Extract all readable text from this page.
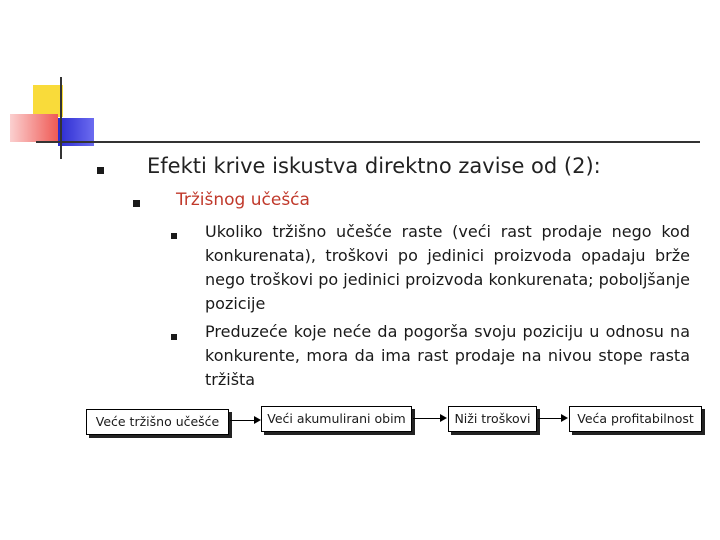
Efekti krive iskustva direktno zavise od (2):
Tržišnog učešća
Ukoliko tržišno učešće raste (veći rast prodaje nego kod konkurenata), troškovi po jedinici proizvoda opadaju brže nego troškovi po jedinici proizvoda konkurenata; poboljšanje pozicije
Preduzeće koje neće da pogorša svoju poziciju u odnosu na konkurente, mora da ima rast prodaje na nivou stope rasta tržišta
Veće tržišno učešće	Veći akumulirani obim	Niži troškovi	Veća profitabilnost
